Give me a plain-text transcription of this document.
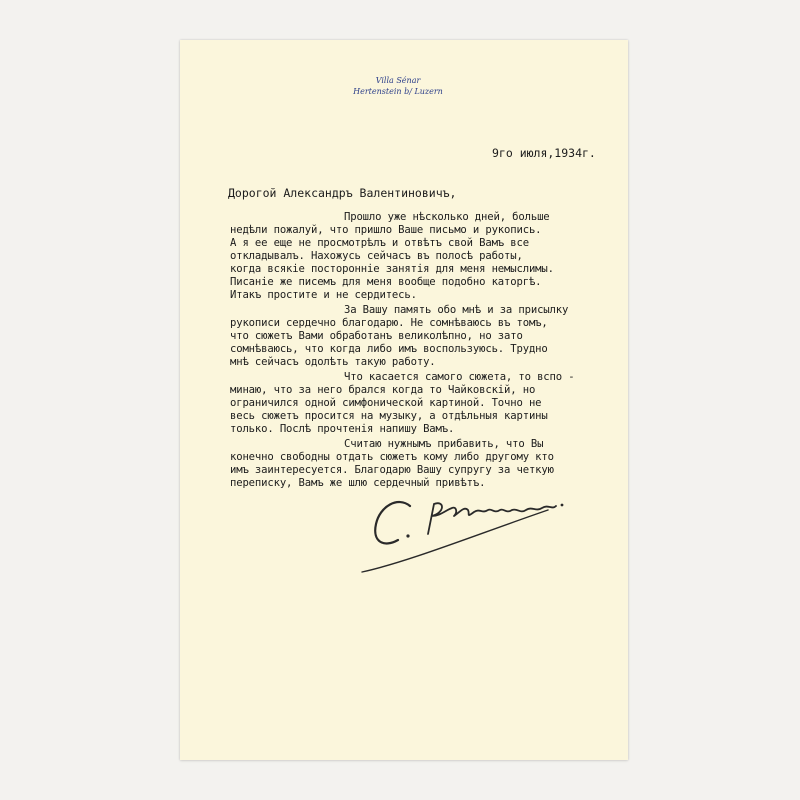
Villa Sénar
Hertenstein b/ Luzern
9го июля,1934г.
Дорогой Александръ Валентиновичъ,
Прошло уже нѣсколько дней, больше
недѣли пожалуй, что пришло Ваше письмо и рукопись.
А я ее еще не просмотрѣлъ и отвѣтъ свой Вамъ все
откладывалъ. Нахожусь сейчасъ въ полосѣ работы,
когда всякіе посторонніе занятія для меня немыслимы.
Писаніе же писемъ для меня вообще подобно каторгѣ.
Итакъ простите и не сердитесь.
За Вашу память обо мнѣ и за присылку
рукописи сердечно благодарю. Не сомнѣваюсь въ томъ,
что сюжетъ Вами обработанъ великолѣпно, но зато
сомнѣваюсь, что когда либо имъ воспользуюсь. Трудно
мнѣ сейчасъ одолѣть такую работу.
Что касается самого сюжета, то вспо -
минаю, что за него брался когда то Чайковскій, но
ограничился одной симфонической картиной. Точно не
весь сюжетъ просится на музыку, а отдѣльныя картины
только. Послѣ прочтенія напишу Вамъ.
Считаю нужнымъ прибавить, что Вы
конечно свободны отдать сюжетъ кому либо другому кто
имъ заинтересуется. Благодарю Вашу супругу за четкую
переписку, Вамъ же шлю сердечный привѣтъ.
